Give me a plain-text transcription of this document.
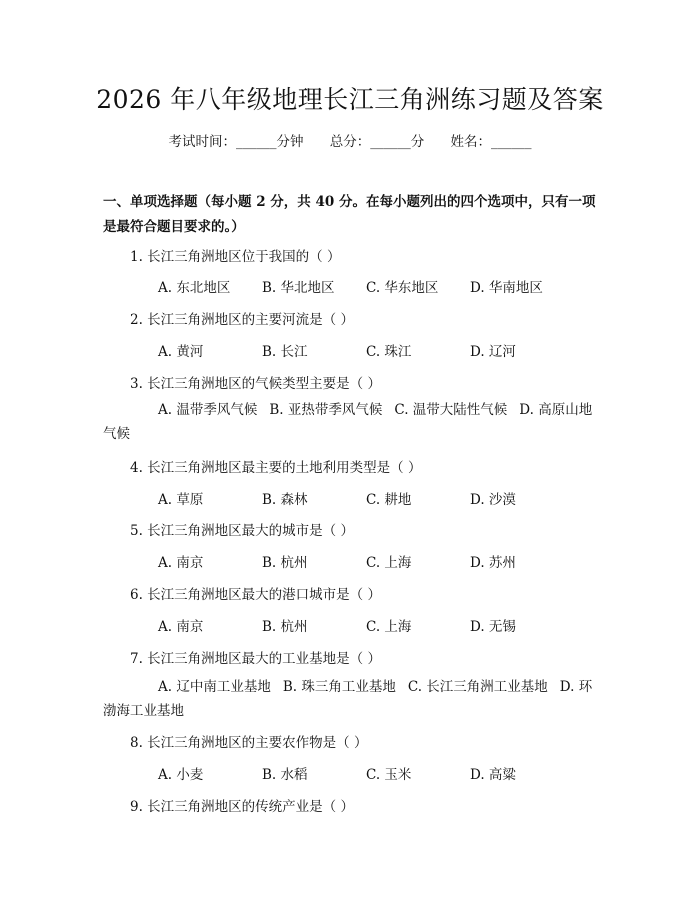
2026 年八年级地理长江三角洲练习题及答案
考试时间：______分钟 总分：______分 姓名：______
一、单项选择题（每小题 2 分，共 40 分。在每小题列出的四个选项中，只有一项是最符合题目要求的。）
1. 长江三角洲地区位于我国的（ ）
A. 东北地区 B. 华北地区 C. 华东地区 D. 华南地区
2. 长江三角洲地区的主要河流是（ ）
A. 黄河	B. 长江	C. 珠江	D. 辽河
3. 长江三角洲地区的气候类型主要是（ ）
A. 温带季风气候 B. 亚热带季风气候 C. 温带大陆性气候 D. 高原山地气候
4. 长江三角洲地区最主要的土地利用类型是（ ）
A. 草原	B. 森林	C. 耕地	D. 沙漠
5. 长江三角洲地区最大的城市是（ ）
A. 南京	B. 杭州	C. 上海	D. 苏州
6. 长江三角洲地区最大的港口城市是（ ）
A. 南京	B. 杭州	C. 上海	D. 无锡
7. 长江三角洲地区最大的工业基地是（ ）
A. 辽中南工业基地 B. 珠三角工业基地 C. 长江三角洲工业基地 D. 环渤海工业基地
8. 长江三角洲地区的主要农作物是（ ）
A. 小麦	B. 水稻	C. 玉米	D. 高粱
9. 长江三角洲地区的传统产业是（ ）
